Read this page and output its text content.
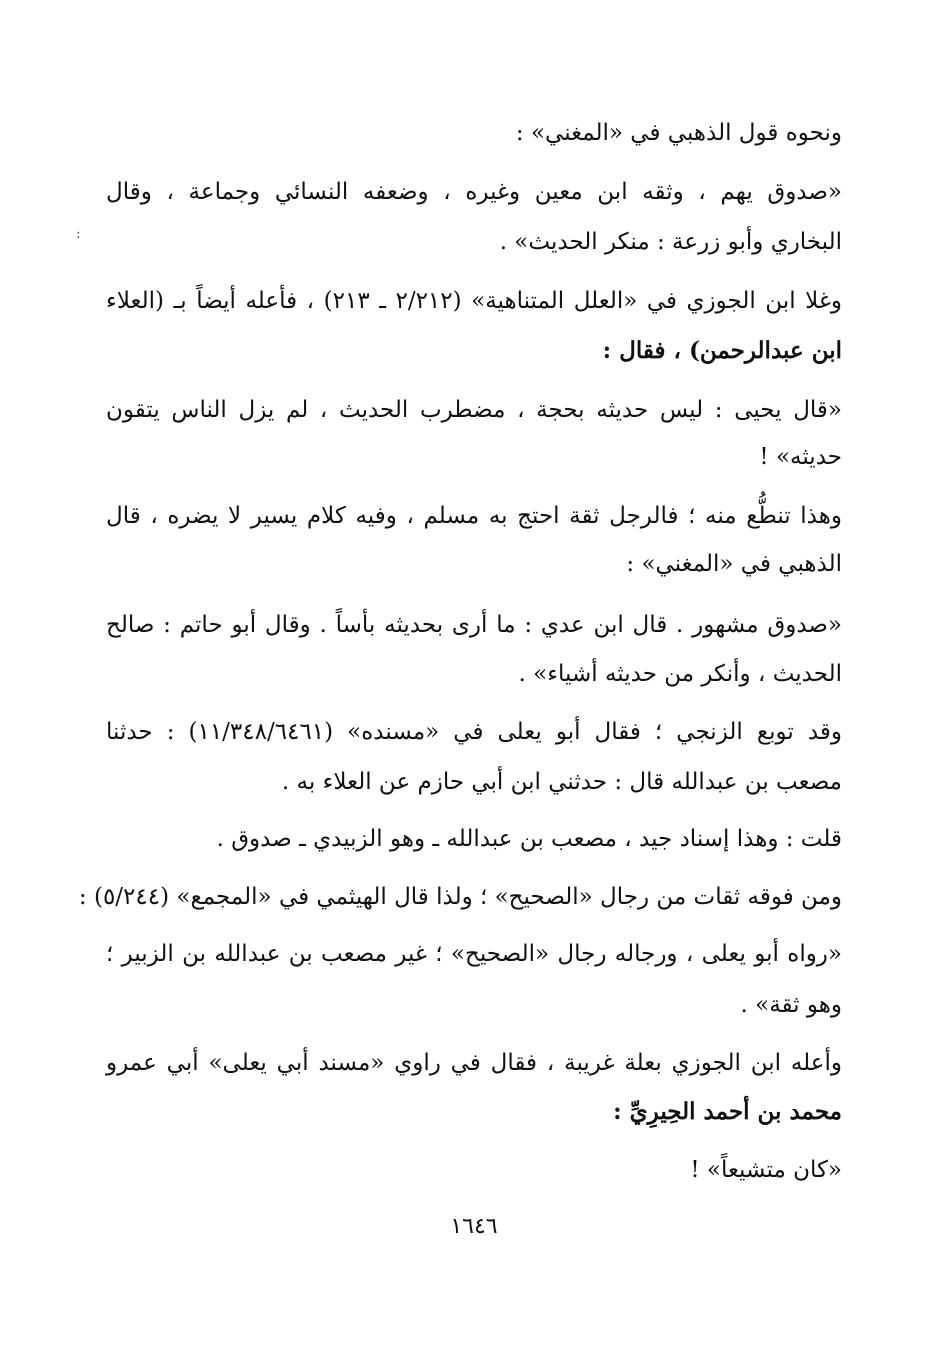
:
ونحوه قول الذهبي في «المغني» :
«صدوق يهم ، وثقه ابن معين وغيره ، وضعفه النسائي وجماعة ، وقال
البخاري وأبو زرعة : منكر الحديث» .
وغلا ابن الجوزي في «العلل المتناهية» (٢/٢١٢ ـ ٢١٣) ، فأعله أيضاً بـ (العلاء
ابن عبدالرحمن) ، فقال :
«قال يحيى : ليس حديثه بحجة ، مضطرب الحديث ، لم يزل الناس يتقون
حديثه» !
وهذا تنطُّع منه ؛ فالرجل ثقة احتج به مسلم ، وفيه كلام يسير لا يضره ، قال
الذهبي في «المغني» :
«صدوق مشهور . قال ابن عدي : ما أرى بحديثه بأساً . وقال أبو حاتم : صالح
الحديث ، وأنكر من حديثه أشياء» .
وقد توبع الزنجي ؛ فقال أبو يعلى في «مسنده» (١١/٣٤٨/٦٤٦١) : حدثنا
مصعب بن عبدالله قال : حدثني ابن أبي حازم عن العلاء به .
قلت : وهذا إسناد جيد ، مصعب بن عبدالله ـ وهو الزبيدي ـ صدوق .
ومن فوقه ثقات من رجال «الصحيح» ؛ ولذا قال الهيثمي في «المجمع» (٥/٢٤٤) :
«رواه أبو يعلى ، ورجاله رجال «الصحيح» ؛ غير مصعب بن عبدالله بن الزبير ؛
وهو ثقة» .
وأعله ابن الجوزي بعلة غريبة ، فقال في راوي «مسند أبي يعلى» أبي عمرو
محمد بن أحمد الحِيرِيِّ :
«كان متشيعاً» !
١٦٤٦
